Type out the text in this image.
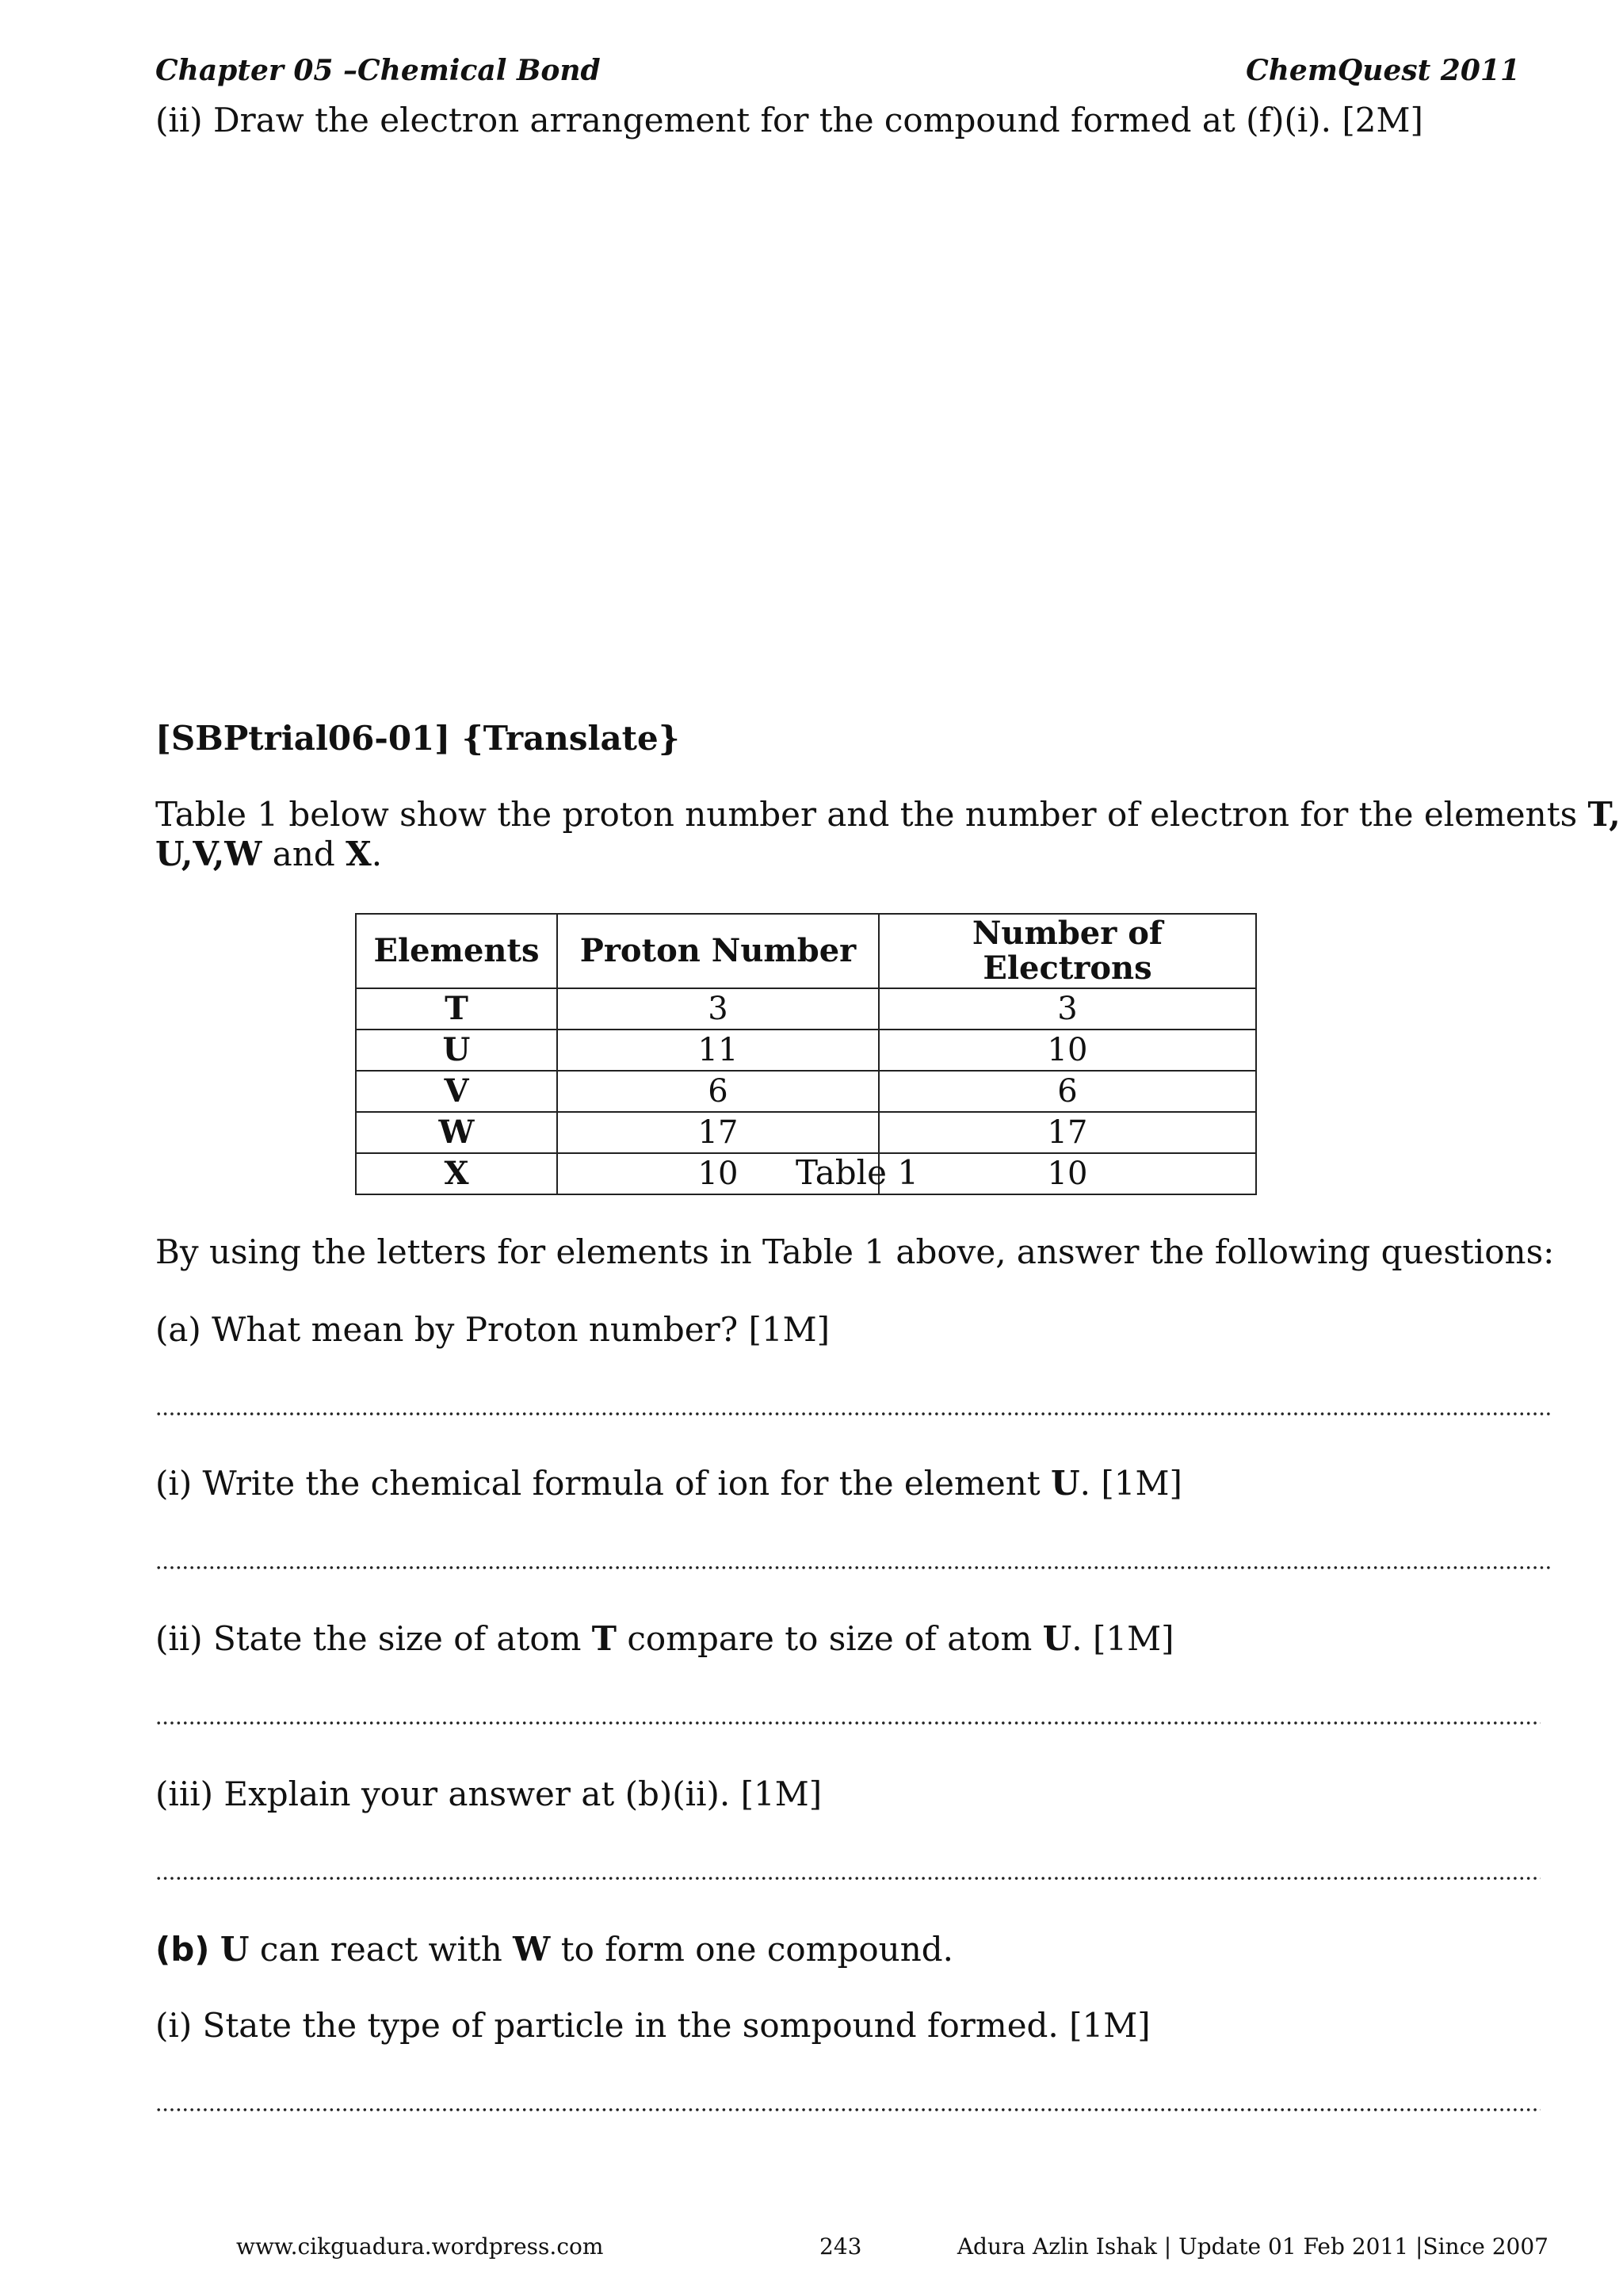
Chapter 05 –Chemical Bond	ChemQuest 2011
(ii) Draw the electron arrangement for the compound formed at (f)(i). [2M]
[SBPtrial06-01] {Translate}
Table 1 below show the proton number and the number of electron for the elements T,
U,V,W and X.
Elements	Proton Number	Number of Electrons
T	3	3
U	11	10
V	6	6
W	17	17
X	10	10
Table 1
By using the letters for elements in Table 1 above, answer the following questions:
(a) What mean by Proton number? [1M]
(i) Write the chemical formula of ion for the element U. [1M]
(ii) State the size of atom T compare to size of atom U. [1M]
(iii) Explain your answer at (b)(ii). [1M]
(b) U can react with W to form one compound.
(i) State the type of particle in the sompound formed. [1M]
www.cikguadura.wordpress.com	243	Adura Azlin Ishak | Update 01 Feb 2011 |Since 2007
